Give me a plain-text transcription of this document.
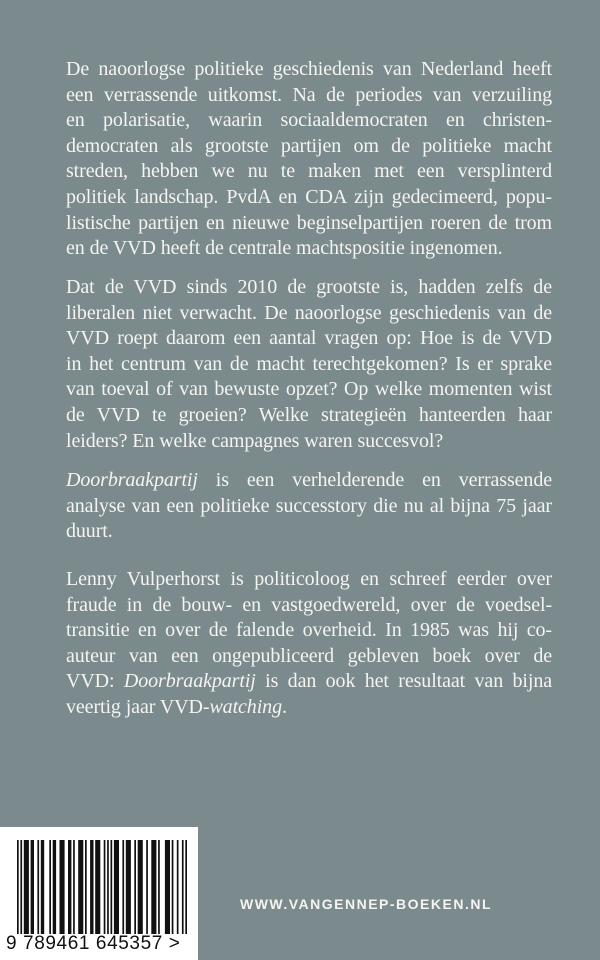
De naoorlogse politieke geschiedenis van Nederland heeft
een verrassende uitkomst. Na de periodes van verzuiling
en polarisatie, waarin sociaaldemocraten en christen-
democraten als grootste partijen om de politieke macht
streden, hebben we nu te maken met een versplinterd
politiek landschap. PvdA en CDA zijn gedecimeerd, popu-
listische partijen en nieuwe beginselpartijen roeren de trom
en de VVD heeft de centrale machtspositie ingenomen.
Dat de VVD sinds 2010 de grootste is, hadden zelfs de
liberalen niet verwacht. De naoorlogse geschiedenis van de
VVD roept daarom een aantal vragen op: Hoe is de VVD
in het centrum van de macht terechtgekomen? Is er sprake
van toeval of van bewuste opzet? Op welke momenten wist
de VVD te groeien? Welke strategieën hanteerden haar
leiders? En welke campagnes waren succesvol?
Doorbraakpartij is een verhelderende en verrassende
analyse van een politieke successtory die nu al bijna 75 jaar
duurt.
Lenny Vulperhorst is politicoloog en schreef eerder over
fraude in de bouw- en vastgoedwereld, over de voedsel-
transitie en over de falende overheid. In 1985 was hij co-
auteur van een ongepubliceerd gebleven boek over de
VVD: Doorbraakpartij is dan ook het resultaat van bijna
veertig jaar VVD-watching.
9 789461 645357 >
WWW.VANGENNEP-BOEKEN.NL
